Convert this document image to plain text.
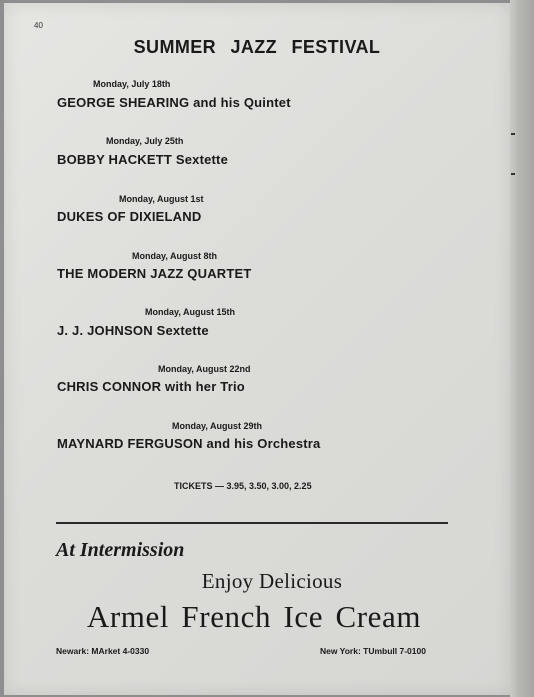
40
SUMMER JAZZ FESTIVAL
Monday, July 18th
GEORGE SHEARING and his Quintet
Monday, July 25th
BOBBY HACKETT Sextette
Monday, August 1st
DUKES OF DIXIELAND
Monday, August 8th
THE MODERN JAZZ QUARTET
Monday, August 15th
J. J. JOHNSON Sextette
Monday, August 22nd
CHRIS CONNOR with her Trio
Monday, August 29th
MAYNARD FERGUSON and his Orchestra
TICKETS — 3.95, 3.50, 3.00, 2.25
At Intermission
Enjoy Delicious
Armel French Ice Cream
Newark: MArket 4-0330	New York: TUmbull 7-0100
